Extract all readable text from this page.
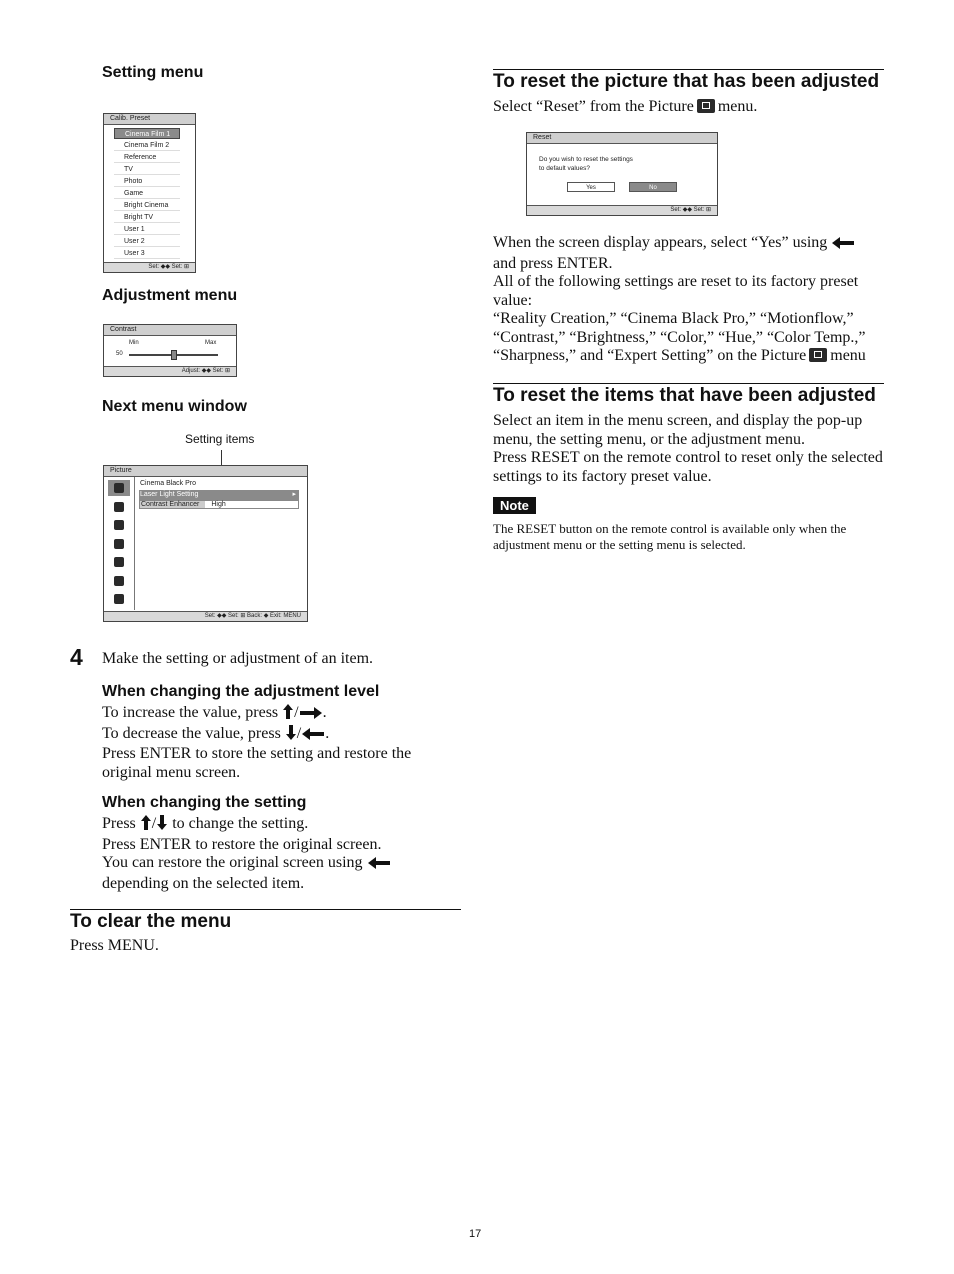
Setting menu
Calib. Preset
Cinema Film 1
Cinema Film 2
Reference
TV
Photo
Game
Bright Cinema
Bright TV
User 1
User 2
User 3
Set: ◆◆ Set: ⊞
Adjustment menu
Contrast
Min	Max
50
Adjust: ◆◆ Set: ⊞
Next menu window
Setting items
Picture
Cinema Black Pro
Laser Light Setting	▸
Contrast Enhancer High
Set: ◆◆ Set: ⊞ Back: ◆ Exit: MENU
4 Make the setting or adjustment of an item.
When changing the adjustment level
To increase the value, press / .
To decrease the value, press / .
Press ENTER to store the setting and restore the original menu screen.
When changing the setting
Press / to change the setting.
Press ENTER to restore the original screen.
You can restore the original screen using
depending on the selected item.
To clear the menu
Press MENU.
To reset the picture that has been adjusted
Select “Reset” from the Picture menu.
Reset
Do you wish to reset the settings to default values?
Yes	No
Set: ◆◆ Set: ⊞
When the screen display appears, select “Yes” using
and press ENTER.
All of the following settings are reset to its factory preset value:
“Reality Creation,” “Cinema Black Pro,” “Motionflow,” “Contrast,” “Brightness,” “Color,” “Hue,” “Color Temp.,” “Sharpness,” and “Expert Setting” on the Picture menu
To reset the items that have been adjusted
Select an item in the menu screen, and display the pop-up menu, the setting menu, or the adjustment menu.
Press RESET on the remote control to reset only the selected settings to its factory preset value.
Note
The RESET button on the remote control is available only when the adjustment menu or the setting menu is selected.
17
